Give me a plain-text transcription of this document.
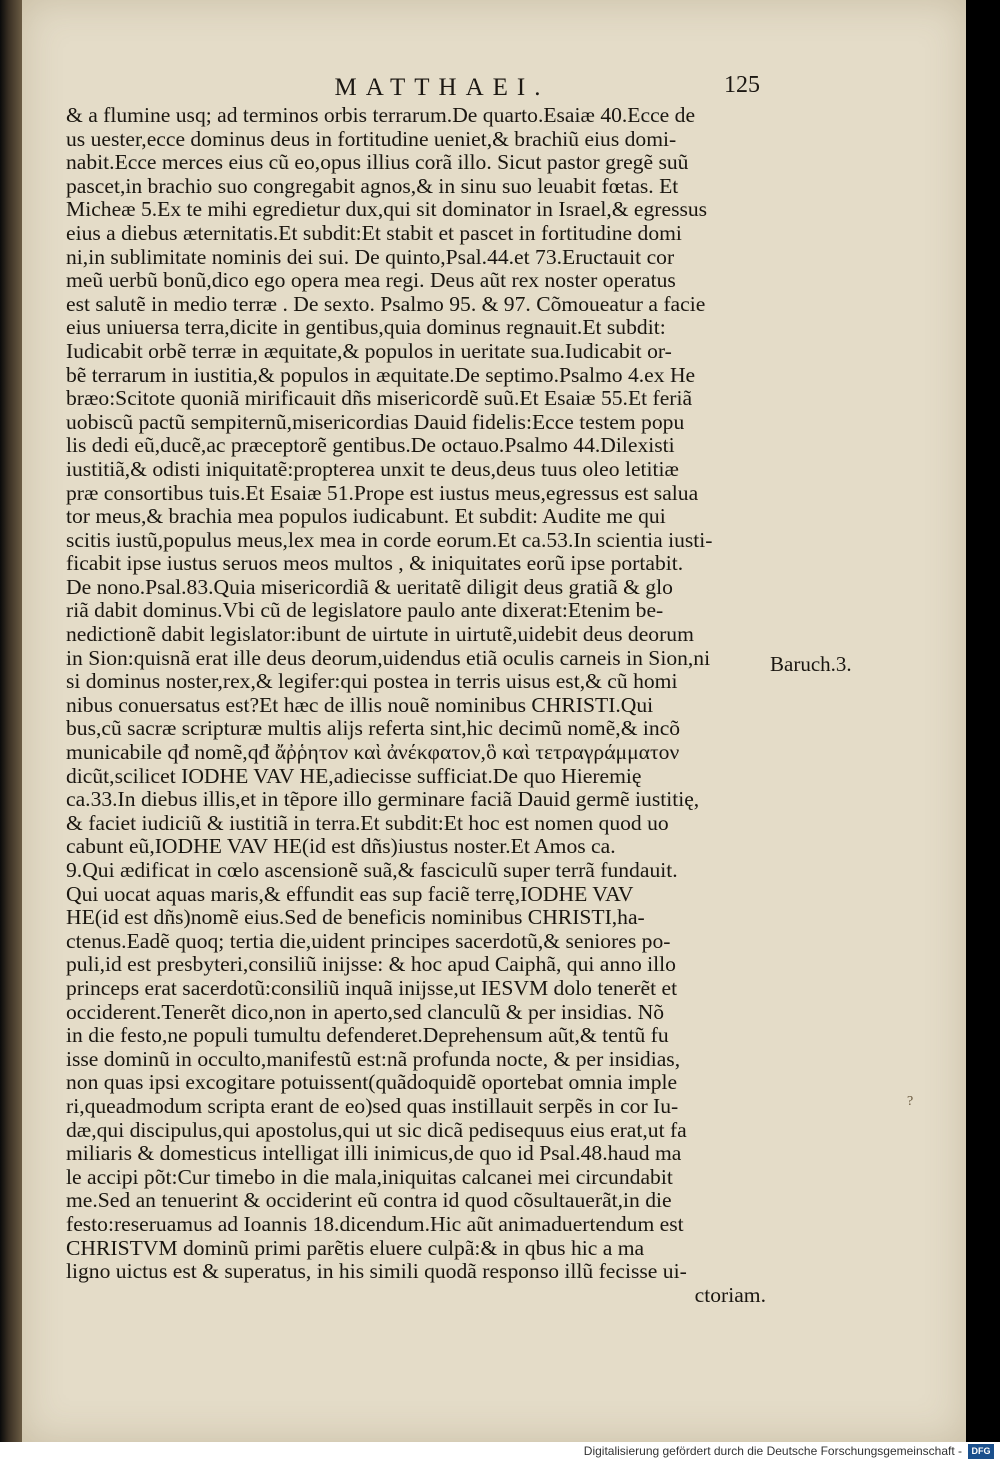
MATTHAEI.	125
& a flumine usq; ad terminos orbis terrarum.De quarto.Esaiæ 40.Ecce de
us uester,ecce dominus deus in fortitudine ueniet,& brachiũ eius domi-
nabit.Ecce merces eius cũ eo,opus illius corã illo. Sicut pastor gregẽ suũ
pascet,in brachio suo congregabit agnos,& in sinu suo leuabit fœtas. Et
Micheæ 5.Ex te mihi egredietur dux,qui sit dominator in Israel,& egressus
eius a diebus æternitatis.Et subdit:Et stabit et pascet in fortitudine domi
ni,in sublimitate nominis dei sui. De quinto,Psal.44.et 73.Eructauit cor
meũ uerbũ bonũ,dico ego opera mea regi. Deus aũt rex noster operatus
est salutẽ in medio terræ . De sexto. Psalmo 95. & 97. Cõmoueatur a facie
eius uniuersa terra,dicite in gentibus,quia dominus regnauit.Et subdit:
Iudicabit orbẽ terræ in æquitate,& populos in ueritate sua.Iudicabit or-
bẽ terrarum in iustitia,& populos in æquitate.De septimo.Psalmo 4.ex He
bræo:Scitote quoniã mirificauit dñs misericordẽ suũ.Et Esaiæ 55.Et feriã
uobiscũ pactũ sempiternũ,misericordias Dauid fidelis:Ecce testem popu
lis dedi eũ,ducẽ,ac præceptorẽ gentibus.De octauo.Psalmo 44.Dilexisti
iustitiã,& odisti iniquitatẽ:propterea unxit te deus,deus tuus oleo letitiæ
præ consortibus tuis.Et Esaiæ 51.Prope est iustus meus,egressus est salua
tor meus,& brachia mea populos iudicabunt. Et subdit: Audite me qui
scitis iustũ,populus meus,lex mea in corde eorum.Et ca.53.In scientia iusti-
ficabit ipse iustus seruos meos multos , & iniquitates eorũ ipse portabit.
De nono.Psal.83.Quia misericordiã & ueritatẽ diligit deus gratiã & glo
riã dabit dominus.Vbi cũ de legislatore paulo ante dixerat:Etenim be-
nedictionẽ dabit legislator:ibunt de uirtute in uirtutẽ,uidebit deus deorum
in Sion:quisnã erat ille deus deorum,uidendus etiã oculis carneis in Sion,ni
si dominus noster,rex,& legifer:qui postea in terris uisus est,& cũ homi
nibus conuersatus est?Et hæc de illis nouẽ nominibus CHRISTI.Qui
bus,cũ sacræ scripturæ multis alijs referta sint,hic decimũ nomẽ,& incõ
municabile qđ nomẽ,qđ ἄῤῥητον καὶ ἀνέκφατον,ὃ καὶ τετραγράμματον
dicũt,scilicet IODHE VAV HE,adiecisse sufficiat.De quo Hieremię
ca.33.In diebus illis,et in tẽpore illo germinare faciã Dauid germẽ iustitię,
& faciet iudiciũ & iustitiã in terra.Et subdit:Et hoc est nomen quod uo
cabunt eũ,IODHE VAV HE(id est dñs)iustus noster.Et Amos ca.
9.Qui ædificat in cœlo ascensionẽ suã,& fasciculũ super terrã fundauit.
Qui uocat aquas maris,& effundit eas sup faciẽ terrę,IODHE VAV
HE(id est dñs)nomẽ eius.Sed de beneficis nominibus CHRISTI,ha-
ctenus.Eadẽ quoq; tertia die,uident principes sacerdotũ,& seniores po-
puli,id est presbyteri,consiliũ inijsse: & hoc apud Caiphã, qui anno illo
princeps erat sacerdotũ:consiliũ inquã inijsse,ut IESVM dolo tenerẽt et
occiderent.Tenerẽt dico,non in aperto,sed clanculũ & per insidias. Nõ
in die festo,ne populi tumultu defenderet.Deprehensum aũt,& tentũ fu
isse dominũ in occulto,manifestũ est:nã profunda nocte, & per insidias,
non quas ipsi excogitare potuissent(quãdoquidẽ oportebat omnia imple
ri,queadmodum scripta erant de eo)sed quas instillauit serpẽs in cor Iu-
dæ,qui discipulus,qui apostolus,qui ut sic dicã pedisequus eius erat,ut fa
miliaris & domesticus intelligat illi inimicus,de quo id Psal.48.haud ma
le accipi põt:Cur timebo in die mala,iniquitas calcanei mei circundabit
me.Sed an tenuerint & occiderint eũ contra id quod cõsultauerãt,in die
festo:reseruamus ad Ioannis 18.dicendum.Hic aũt animaduertendum est
CHRISTVM dominũ primi parẽtis eluere culpã:& in qbus hic a ma
ligno uictus est & superatus, in his simili quodã responso illũ fecisse ui-
ctoriam.
Baruch.3.
?
Digitalisierung gefördert durch die Deutsche Forschungsgemeinschaft -	DFG
